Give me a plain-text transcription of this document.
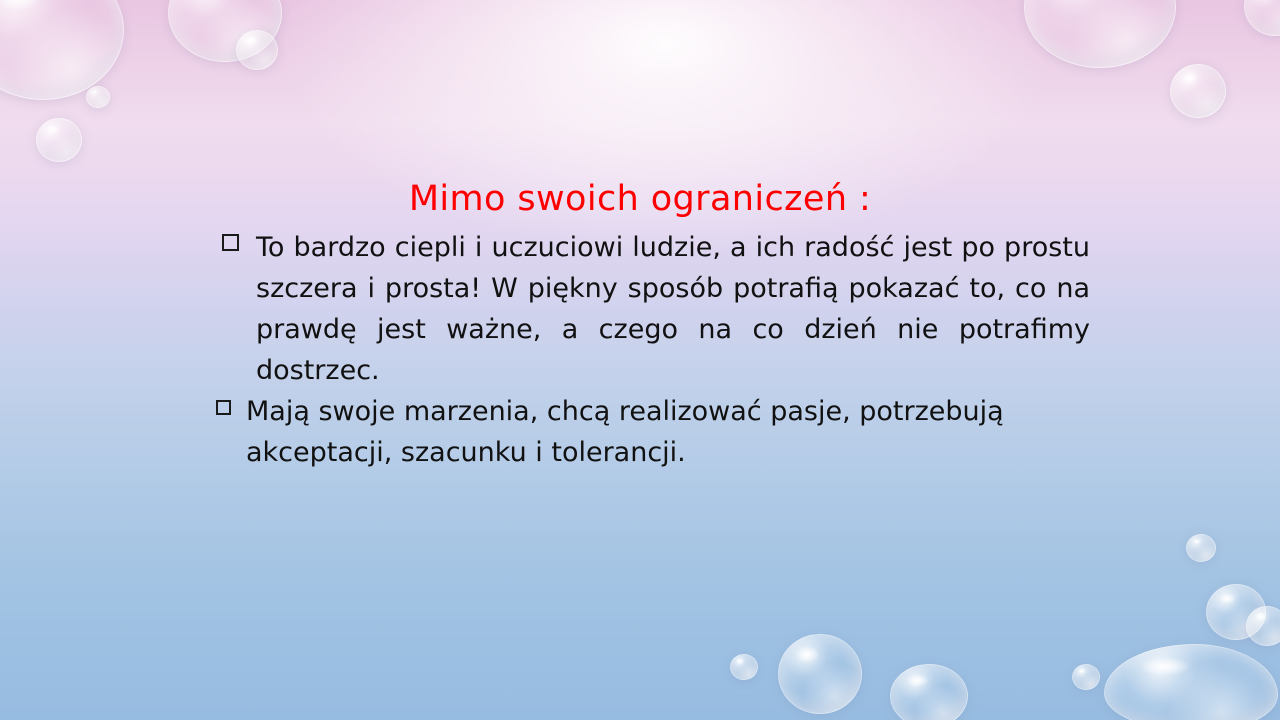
Mimo swoich ograniczeń :
To bardzo ciepli i uczuciowi ludzie, a ich radość jest po prostu szczera i prosta! W piękny sposób potrafią pokazać to, co na prawdę jest ważne, a czego na co dzień nie potrafimy dostrzec.
Mają swoje marzenia, chcą realizować pasje, potrzebują akceptacji, szacunku i tolerancji.
